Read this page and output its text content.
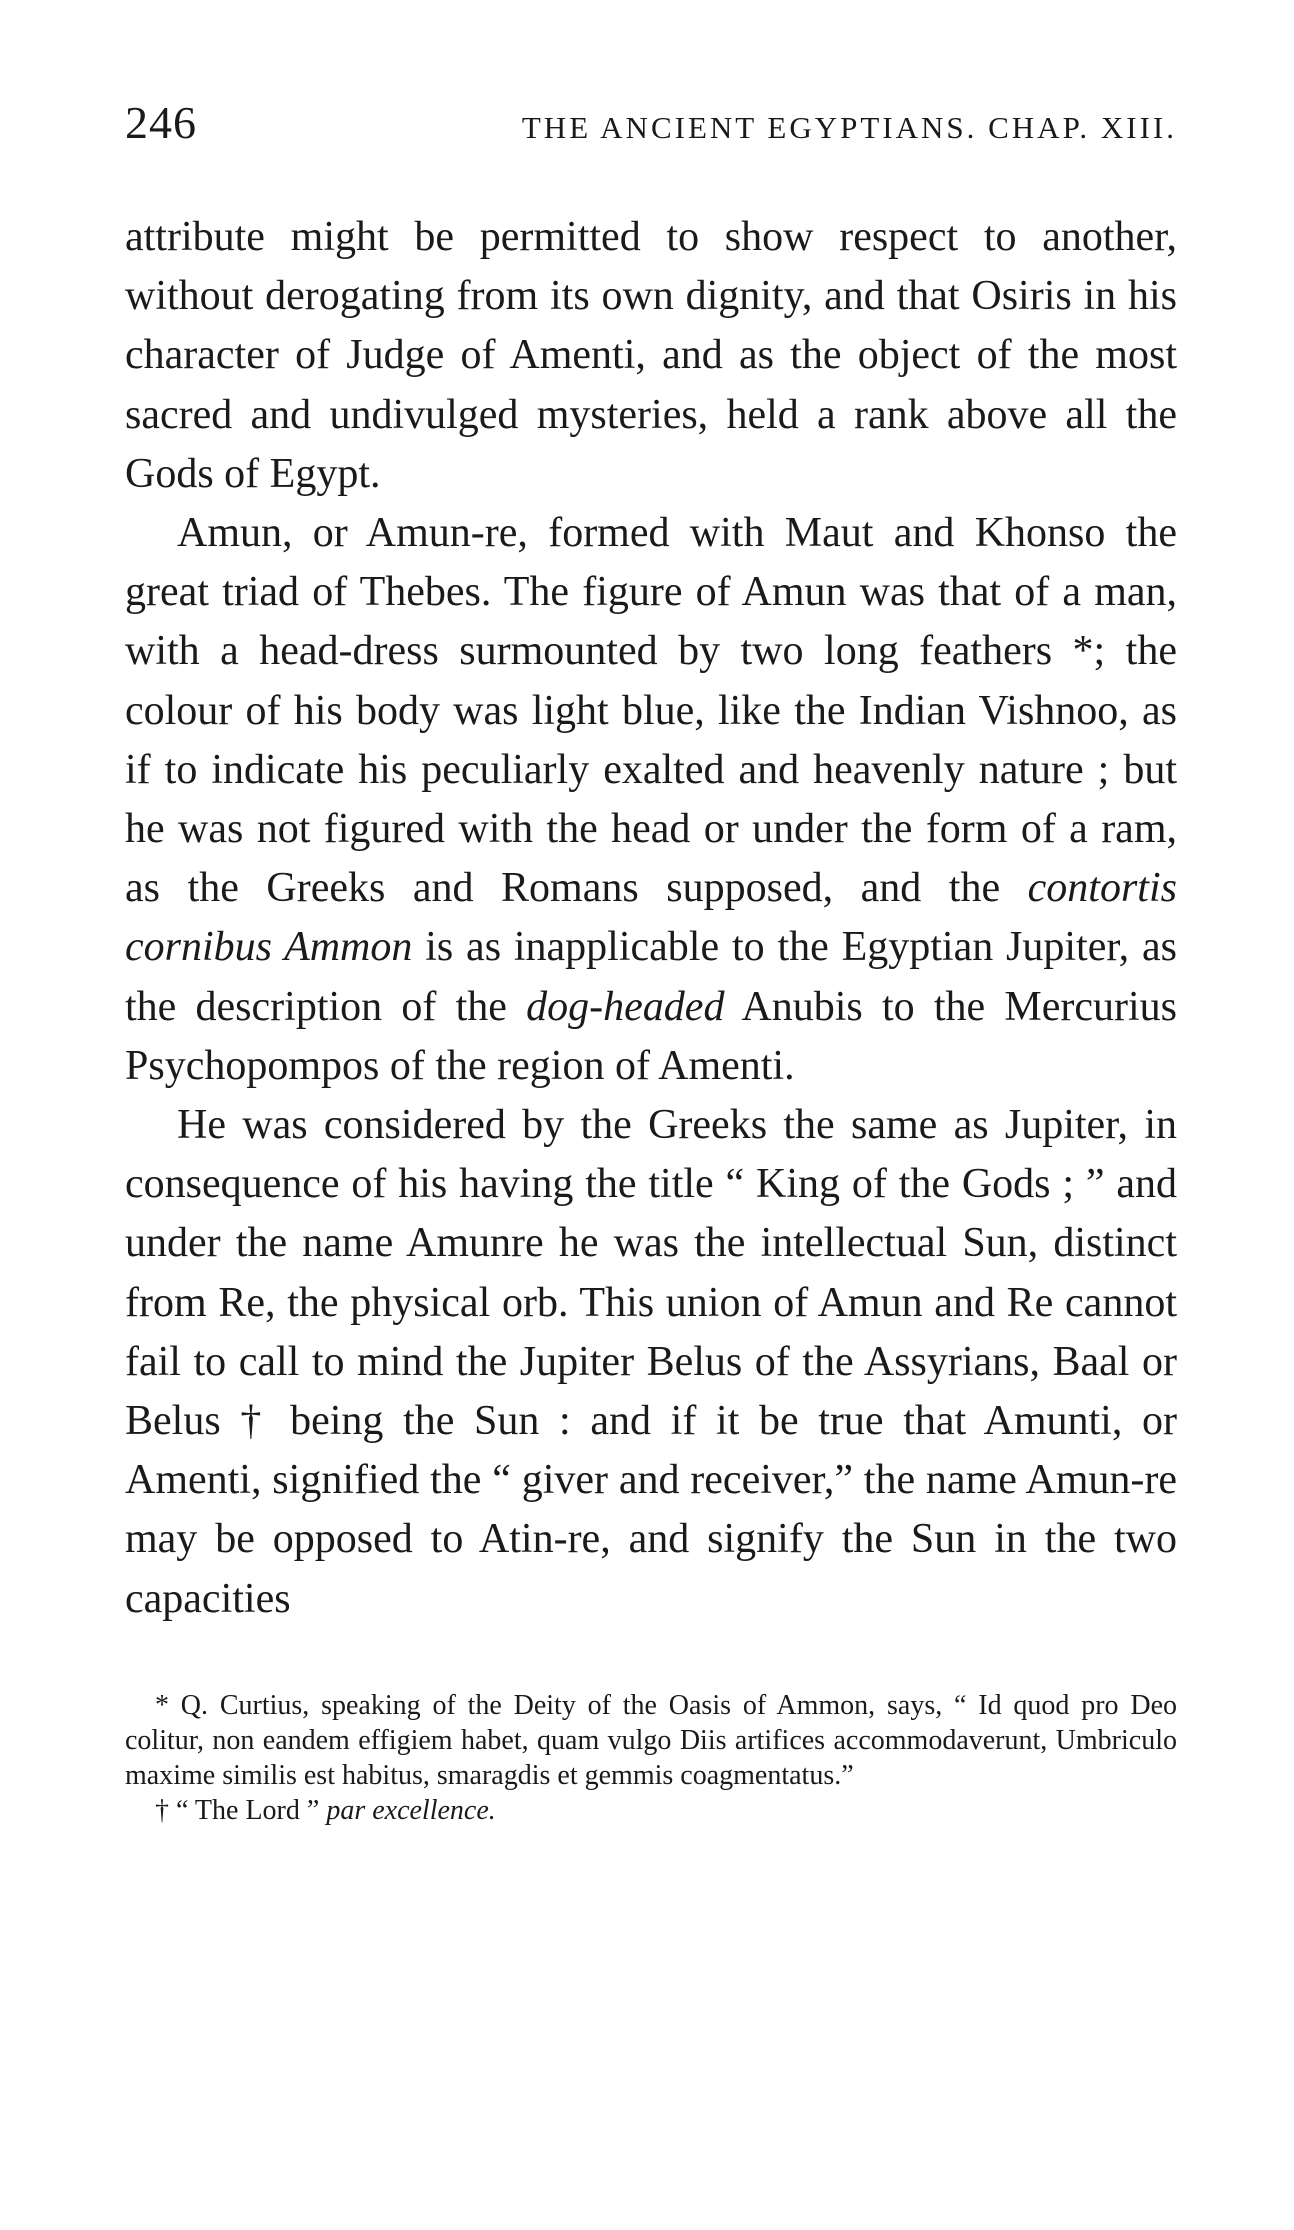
246	THE ANCIENT EGYPTIANS. CHAP. XIII.

attribute might be permitted to show respect to another, without derogating from its own dignity, and that Osiris in his character of Judge of Amenti, and as the object of the most sacred and undivulged mysteries, held a rank above all the Gods of Egypt.

Amun, or Amun-re, formed with Maut and Khonso the great triad of Thebes. The figure of Amun was that of a man, with a head-dress surmounted by two long feathers *; the colour of his body was light blue, like the Indian Vishnoo, as if to indicate his peculiarly exalted and heavenly nature ; but he was not figured with the head or under the form of a ram, as the Greeks and Romans supposed, and the contortis cornibus Ammon is as inapplicable to the Egyptian Jupiter, as the description of the dog-headed Anubis to the Mercurius Psychopompos of the region of Amenti.

He was considered by the Greeks the same as Jupiter, in consequence of his having the title “ King of the Gods ; ” and under the name Amunre he was the intellectual Sun, distinct from Re, the physical orb. This union of Amun and Re cannot fail to call to mind the Jupiter Belus of the Assyrians, Baal or Belus † being the Sun : and if it be true that Amunti, or Amenti, signified the “ giver and receiver,” the name Amun-re may be opposed to Atin-re, and signify the Sun in the two capacities

* Q. Curtius, speaking of the Deity of the Oasis of Ammon, says, “ Id quod pro Deo colitur, non eandem effigiem habet, quam vulgo Diis artifices accommodaverunt, Umbriculo maxime similis est habitus, smaragdis et gemmis coagmentatus.”

† “ The Lord ” par excellence.
